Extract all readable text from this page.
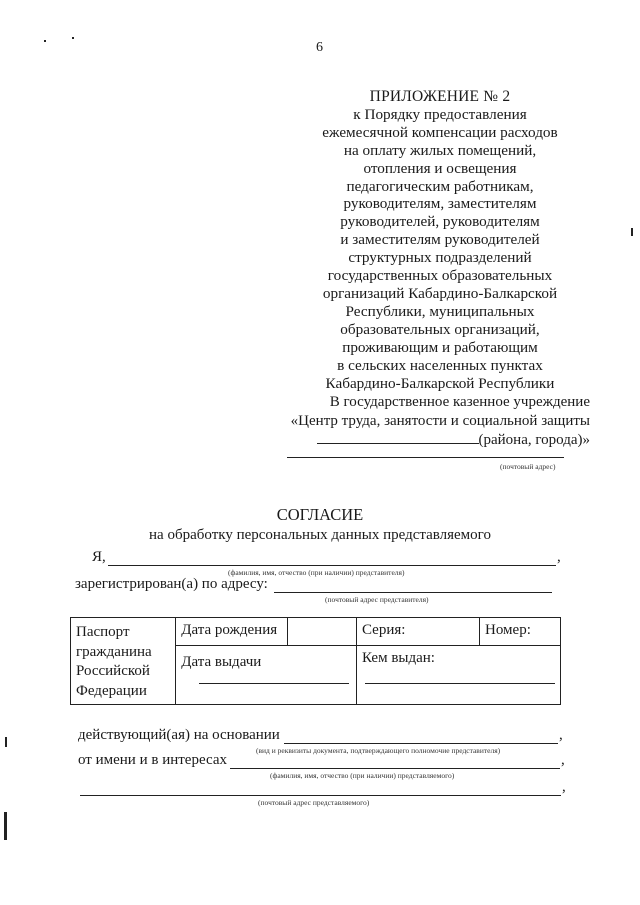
6
ПРИЛОЖЕНИЕ № 2
к Порядку предоставления
ежемесячной компенсации расходов
на оплату жилых помещений,
отопления и освещения
педагогическим работникам,
руководителям, заместителям
руководителей, руководителям
и заместителям руководителей
структурных подразделений
государственных образовательных
организаций Кабардино-Балкарской
Республики, муниципальных
образовательных организаций,
проживающим и работающим
в сельских населенных пунктах
Кабардино-Балкарской Республики
В государственное казенное учреждение
«Центр труда, занятости и социальной защиты
(района, города)»
(почтовый адрес)
СОГЛАСИЕ
на обработку персональных данных представляемого
Я,	,
(фамилия, имя, отчество (при наличии) представителя)
зарегистрирован(а) по адресу:
(почтовый адрес представителя)
Паспорт
гражданина
Российской
Федерации	Дата рождения		Серия:	Номер:
	Дата выдачи		Кем выдан:	
действующий(ая) на основании	,
(вид и реквизиты документа, подтверждающего полномочие представителя)
от имени и в интересах	,
(фамилия, имя, отчество (при наличии) представляемого)
,
(почтовый адрес представляемого)
